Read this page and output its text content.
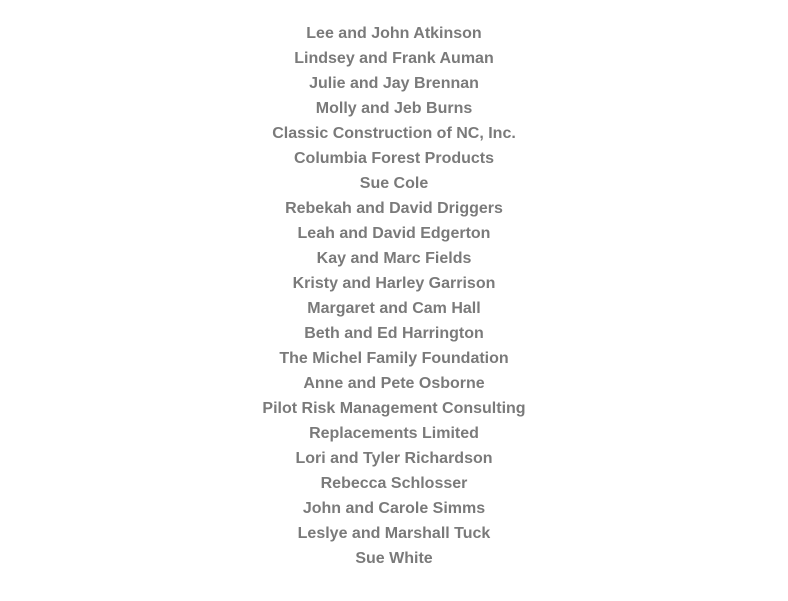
Lee and John Atkinson
Lindsey and Frank Auman
Julie and Jay Brennan
Molly and Jeb Burns
Classic Construction of NC, Inc.
Columbia Forest Products
Sue Cole
Rebekah and David Driggers
Leah and David Edgerton
Kay and Marc Fields
Kristy and Harley Garrison
Margaret and Cam Hall
Beth and Ed Harrington
The Michel Family Foundation
Anne and Pete Osborne
Pilot Risk Management Consulting
Replacements Limited
Lori and Tyler Richardson
Rebecca Schlosser
John and Carole Simms
Leslye and Marshall Tuck
Sue White
